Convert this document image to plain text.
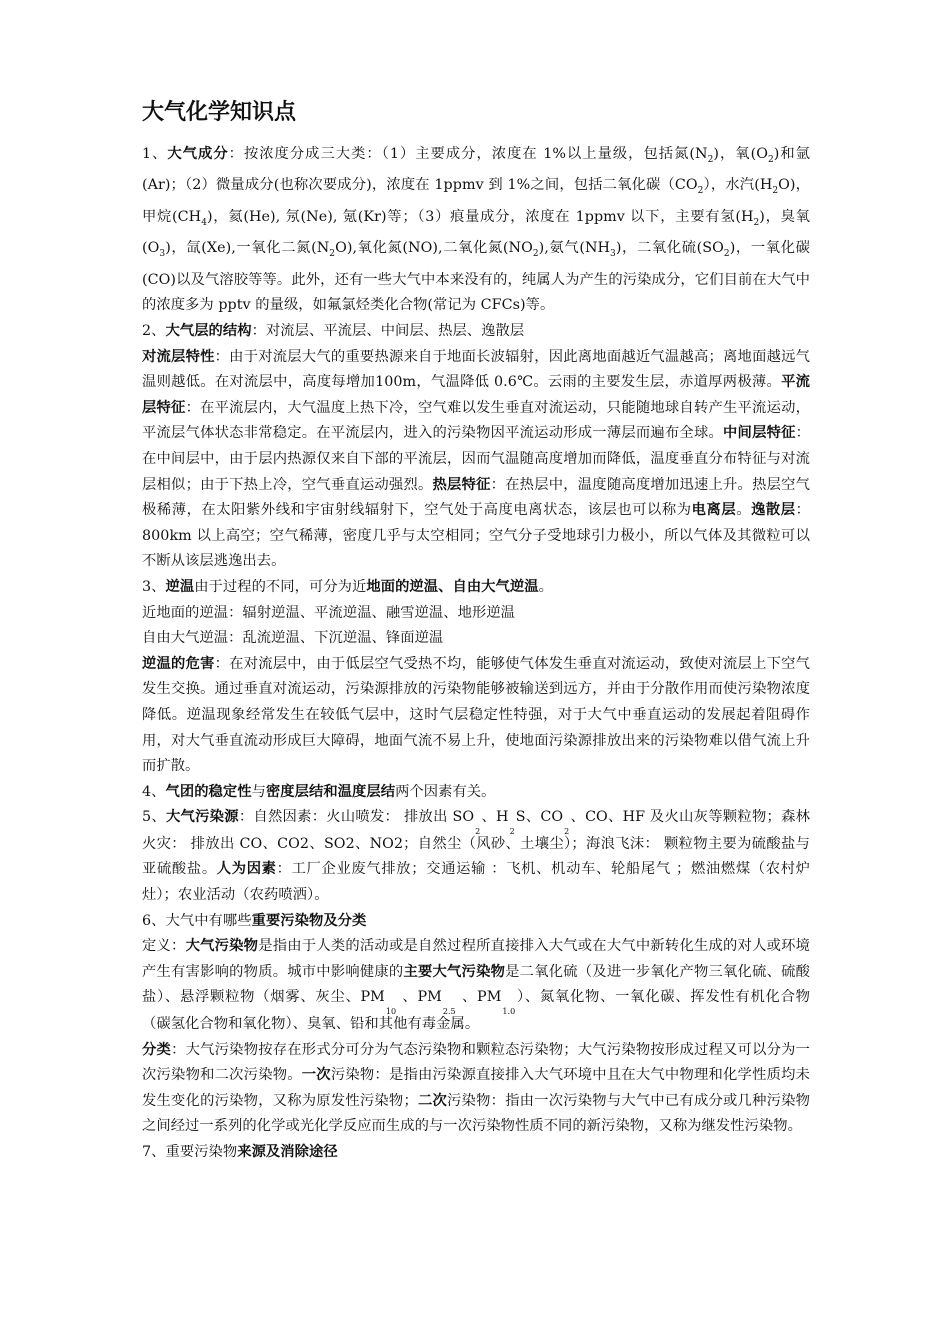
大气化学知识点

1、大气成分：按浓度分成三大类：（1）主要成分，浓度在 1%以上量级，包括氮$(N_2)$，氧$(O_2)$和氩(Ar)；（2）微量成分(也称次要成分)，浓度在 1ppmv 到 1%之间，包括二氧化碳$(CO_2)$，水汽$(H_2O)$，甲烷$(CH_4)$，氦(He), 氖(Ne), 氪(Kr)等；（3）痕量成分，浓度在 1ppmv 以下，主要有氢$(H_2)$，臭氧$(O_3)$，氙(Xe),一氧化二氮$(N_2O)$,氧化氮(NO),二氧化氮$(NO_2)$,氨气$(NH_3)$，二氧化硫$(SO_2)$，一氧化碳(CO)以及气溶胶等等。此外，还有一些大气中本来没有的，纯属人为产生的污染成分，它们目前在大气中的浓度多为 pptv 的量级，如氟氯烃类化合物(常记为 CFCs)等。

2、大气层的结构：对流层、平流层、中间层、热层、逸散层

对流层特性：由于对流层大气的重要热源来自于地面长波辐射，因此离地面越近气温越高；离地面越远气温则越低。在对流层中，高度每增加100m，气温降低 0.6℃。云雨的主要发生层，赤道厚两极薄。平流层特征：在平流层内，大气温度上热下冷，空气难以发生垂直对流运动，只能随地球自转产生平流运动，平流层气体状态非常稳定。在平流层内，进入的污染物因平流运动形成一薄层而遍布全球。中间层特征：在中间层中，由于层内热源仅来自下部的平流层，因而气温随高度增加而降低，温度垂直分布特征与对流层相似；由于下热上冷，空气垂直运动强烈。热层特征：在热层中，温度随高度增加迅速上升。热层空气极稀薄，在太阳紫外线和宇宙射线辐射下，空气处于高度电离状态，该层也可以称为电离层。逸散层：800km 以上高空；空气稀薄，密度几乎与太空相同；空气分子受地球引力极小，所以气体及其微粒可以不断从该层逃逸出去。

3、逆温由于过程的不同，可分为近地面的逆温、自由大气逆温。

近地面的逆温：辐射逆温、平流逆温、融雪逆温、地形逆温

自由大气逆温：乱流逆温、下沉逆温、锋面逆温

逆温的危害：在对流层中，由于低层空气受热不均，能够使气体发生垂直对流运动，致使对流层上下空气发生交换。通过垂直对流运动，污染源排放的污染物能够被输送到远方，并由于分散作用而使污染物浓度降低。逆温现象经常发生在较低气层中，这时气层稳定性特强，对于大气中垂直运动的发展起着阻碍作用，对大气垂直流动形成巨大障碍，地面气流不易上升，使地面污染源排放出来的污染物难以借气流上升而扩散。

4、气团的稳定性与密度层结和温度层结两个因素有关。

5、大气污染源：自然因素：火山喷发： 排放出 $SO_2$、$H_2S$、$CO_2$、CO、HF 及火山灰等颗粒物；森林火灾： 排放出 CO、CO2、SO2、NO2；自然尘（风砂、土壤尘）；海浪飞沫： 颗粒物主要为硫酸盐与亚硫酸盐。人为因素：工厂企业废气排放；交通运输 ：飞机、机动车、轮船尾气 ；燃油燃煤（农村炉灶）；农业活动（农药喷洒）。

6、大气中有哪些重要污染物及分类

定义：大气污染物是指由于人类的活动或是自然过程所直接排入大气或在大气中新转化生成的对人或环境产生有害影响的物质。城市中影响健康的主要大气污染物是二氧化硫（及进一步氧化产物三氧化硫、硫酸盐）、悬浮颗粒物（烟雾、灰尘、$PM_{10}$ 、$PM_{2.5}$ 、$PM_{1.0}$）、氮氧化物、一氧化碳、挥发性有机化合物（碳氢化合物和氧化物）、臭氧、铅和其他有毒金属。

分类：大气污染物按存在形式分可分为气态污染物和颗粒态污染物；大气污染物按形成过程又可以分为一次污染物和二次污染物。一次污染物：是指由污染源直接排入大气环境中且在大气中物理和化学性质均未发生变化的污染物，又称为原发性污染物；二次污染物：指由一次污染物与大气中已有成分或几种污染物之间经过一系列的化学或光化学反应而生成的与一次污染物性质不同的新污染物，又称为继发性污染物。

7、重要污染物来源及消除途径
